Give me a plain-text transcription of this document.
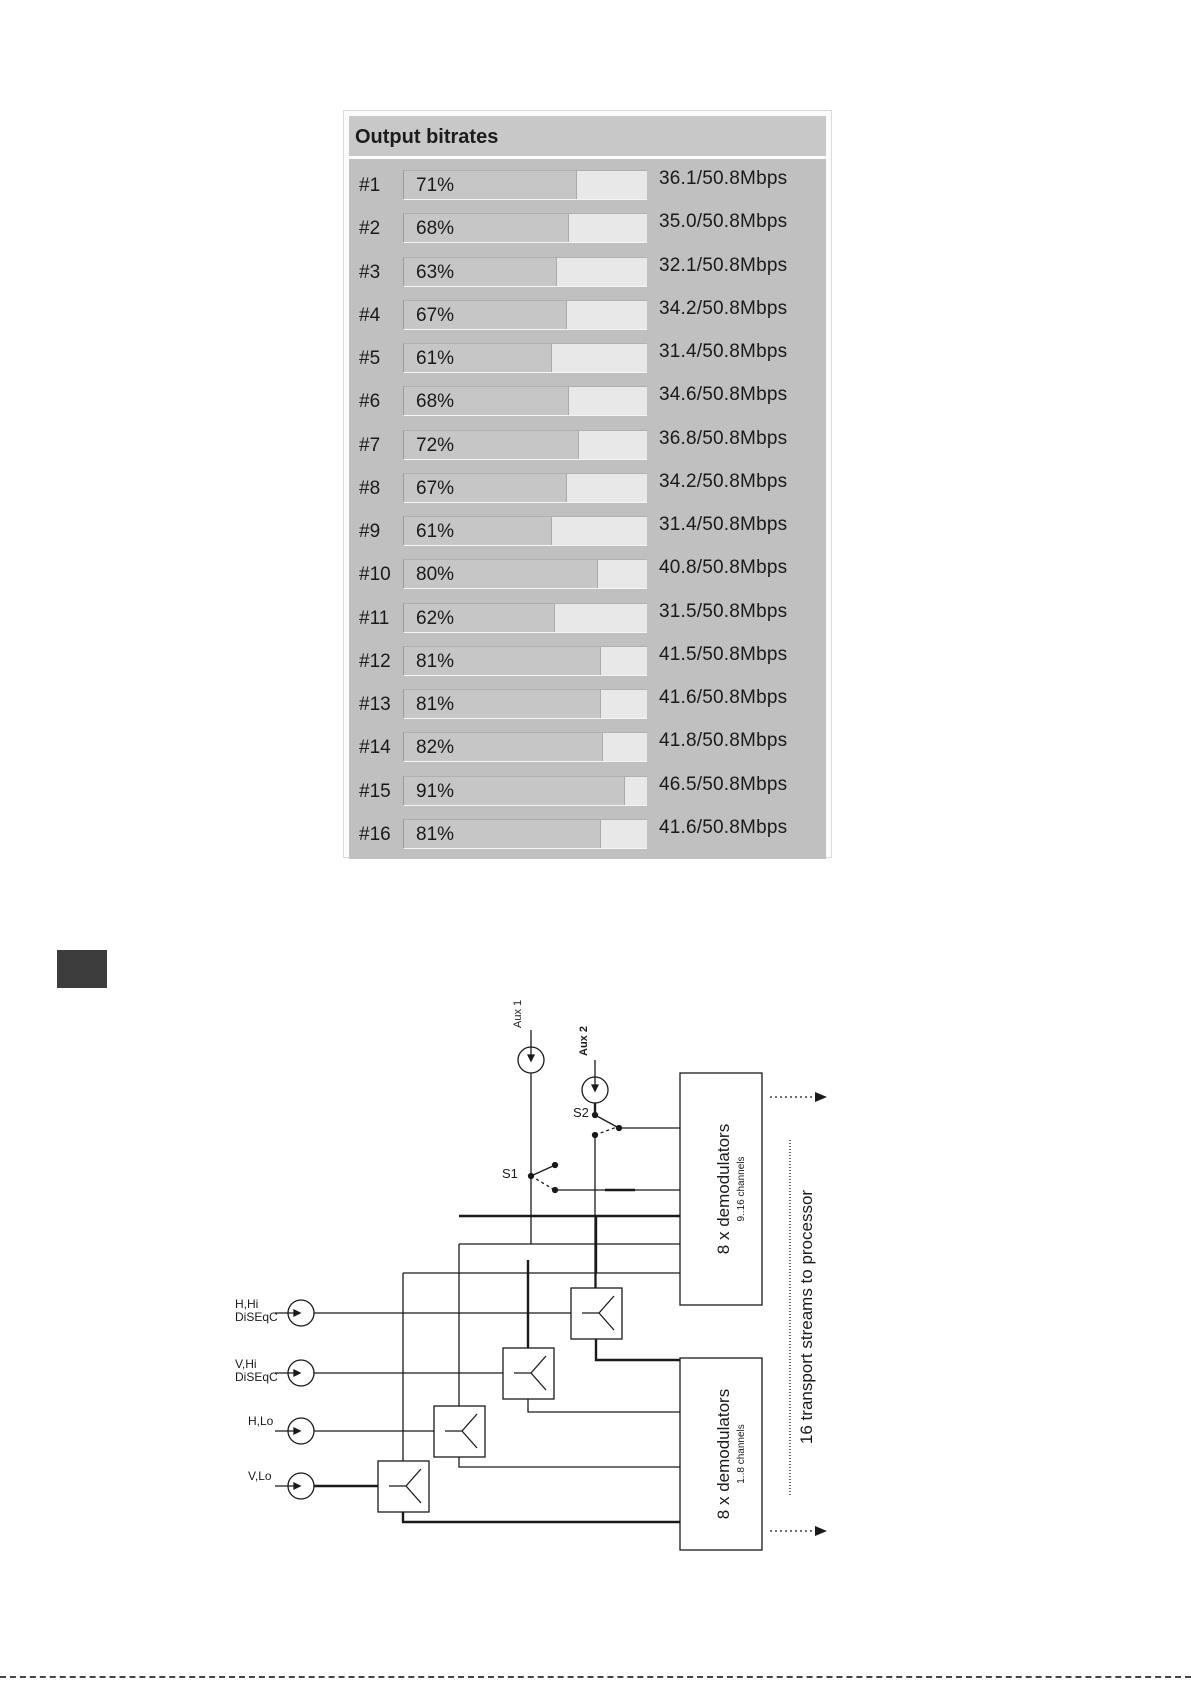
Output bitrates
#1 71%	36.1/50.8Mbps
#2 68%	35.0/50.8Mbps
#3 63%	32.1/50.8Mbps
#4 67%	34.2/50.8Mbps
#5 61%	31.4/50.8Mbps
#6 68%	34.6/50.8Mbps
#7 72%	36.8/50.8Mbps
#8 67%	34.2/50.8Mbps
#9 61%	31.4/50.8Mbps
#10 80%	40.8/50.8Mbps
#11 62%	31.5/50.8Mbps
#12 81%	41.5/50.8Mbps
#13 81%	41.6/50.8Mbps
#14 82%	41.8/50.8Mbps
#15 91%	46.5/50.8Mbps
#16 81%	41.6/50.8Mbps
Aux 1
Aux 2
S1
S2
H,Hi
DiSEqC
V,Hi
DiSEqC
H,Lo
V,Lo
8 x demodulators 9..16 channels
8 x demodulators 1..8 channels
16 transport streams to processor
